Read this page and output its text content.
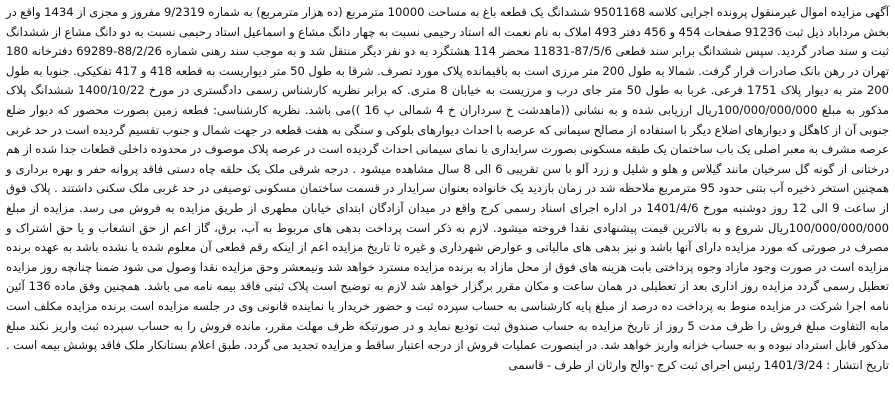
آگهی مزایده اموال غیرمنقول پرونده اجرایی کلاسه 9501168 ششدانگ یک قطعه باغ به مساحت 10000 مترمربع (ده هزار مترمربع) به شماره 9/2319 مفروز و مجزی از 1434 واقع در بخش مرداباد ذیل ثبت 91236 صفحات 454 و 456 دفتر 493 املاک به نام نعمت اله استاد رحیمی نسبت به چهار دانگ مشاع و اسماعیل استاد رحیمی نسبت به دو دانگ مشاع از ششدانگ ثبت و سند صادر گردید. سپس ششدانگ برابر سند قطعی 87/5/6-11831 محضر 114 هشتگرد به دو نفر دیگر منتقل شد و به موجب سند رهنی شماره 88/2/26-69289 دفترخانه 180 تهران در رهن بانک صادرات قرار گرفت. شمالا به طول 200 متر مرزی است به باقیمانده پلاک مورد تصرف. شرقا به طول 50 متر دیواریست به قطعه 418 و 417 تفکیکی. جنوبا به طول 200 متر به دیوار پلاک 1751 فرعی. غربا به طول 50 متر جای درب و مرزیست به خیابان 8 متری. که برابر نظریه کارشناس رسمی دادگستری در مورخ 1400/10/22 ششدانگ پلاک مذکور به مبلغ 100/000/000/000ریال ارزیابی شده و به نشانی ((ماهدشت خ سرداران خ 4 شمالی پ 16 ))می باشد. نظریه کارشناسی: قطعه زمین بصورت محصور که دیوار ضلع جنوبی آن از کاهگل و دیوارهای اضلاع دیگر با استفاده از مصالح سیمانی که عرصه با احداث دیوارهای بلوکی و سنگی به هفت قطعه در جهت شمال و جنوب تقسیم گردیده است در حد غربی عرصه مشرف به معبر اصلی یک باب ساختمان یک طبقه مسکونی بصورت سرایداری با نمای سیمانی احداث گردیده است در عرصه پلاک موصوف در محدوده داخلی قطعات جدا شده از هم درختانی از گونه گل سرخیان مانند گیلاس و هلو و شلیل و زرد آلو با سن تقریبی 6 الی 8 سال مشاهده میشود . درجه شرقی ملک یک حلقه چاه دستی فاقد پروانه حفر و بهره برداری و همچنین استخر ذخیره آب بتنی حدود 95 مترمربع ملاحظه شد در زمان بازدید یک خانواده بعنوان سرایدار در قسمت ساختمان مسکونی توصیفی در حد غربی ملک سکنی داشتند . پلاک فوق از ساعت 9 الی 12 روز دوشنبه مورخ 1401/4/6 در اداره اجرای اسناد رسمی کرج واقع در میدان آزادگان ابتدای خیابان مطهری از طریق مزایده به فروش می رسد. مزایده از مبلغ 100/000/000/000ریال شروع و به بالاترین قیمت پیشنهادی نقدا فروخته میشود. لازم به ذکر است پرداخت بدهی های مربوط به آب، برق، گاز اعم از حق انشعاب و یا حق اشتراک و مصرف در صورتی که مورد مزایده دارای آنها باشد و نیز بدهی های مالیاتی و عوارض شهرداری و غیره تا تاریخ مزایده اعم از اینکه رقم قطعی آن معلوم شده یا نشده باشد به عهده برنده مزایده است در صورت وجود مازاد وجوه پرداختی بابت هزینه های فوق از محل مازاد به برنده مزایده مسترد خواهد شد ونیمعشر وحق مزایده نقدا وصول می شود ضمنا چنانچه روز مزایده تعطیل رسمی گردد مزایده روز اداری بعد از تعطیلی در همان ساعت و مکان مقرر برگزار خواهد شد لازم به توضیح است پلاک ثبتی فاقد بیمه نامه می باشد. همچنین وفق ماده 136 آئین نامه اجرا شرکت در مزایده منوط به پرداخت ده درصد از مبلغ پایه کارشناسی به حساب سپرده ثبت و حضور خریدار یا نماینده قانونی وی در جلسه مزایده است برنده مزایده مکلف است مابه التفاوت مبلغ فروش را ظرف مدت 5 روز از تاریخ مزایده به حساب صندوق ثبت تودیع نماید و در صورتیکه ظرف مهلت مقرر، مانده فروش را به حساب سپرده ثبت واریز نکند مبلغ مذکور قابل استرداد نبوده و به حساب خزانه واریز خواهد شد. در اینصورت عملیات فروش از درجه اعتبار ساقط و مزایده تجدید می گردد. طبق اعلام بستانکار ملک فاقد پوشش بیمه است . تاریخ انتشار : 1401/3/24 رئیس اجرای ثبت کرج -والح وارثان از طرف - قاسمی
